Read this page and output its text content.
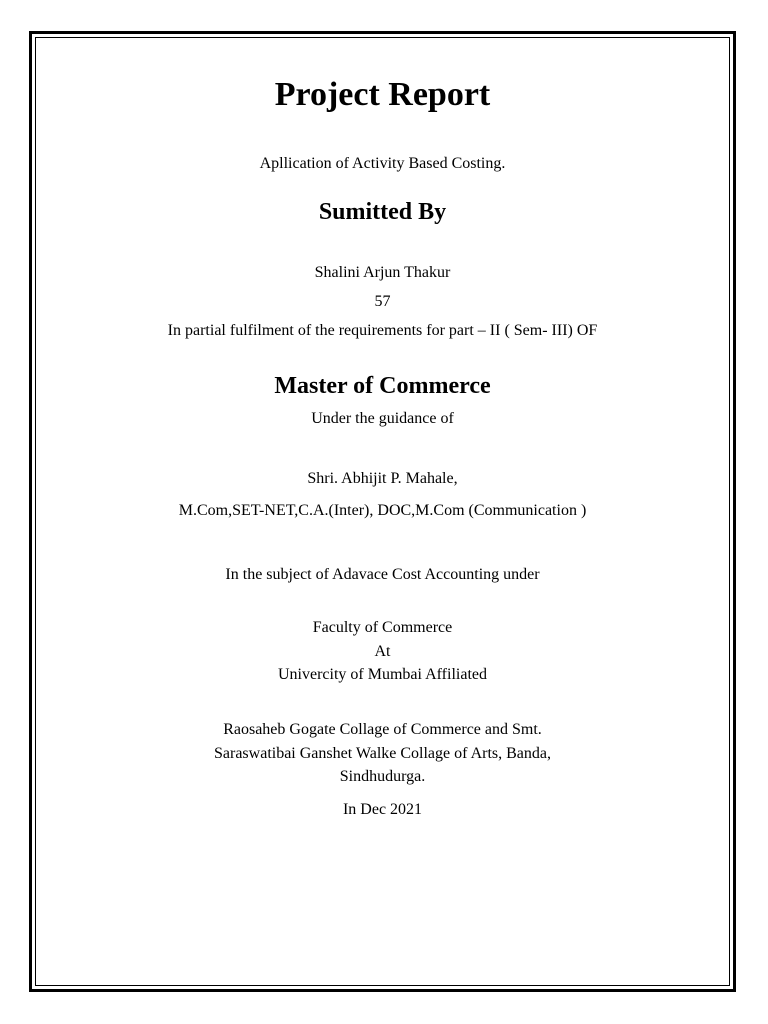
Project Report
Apllication of Activity Based Costing.
Sumitted By
Shalini Arjun Thakur
57
In partial fulfilment of the requirements for part – II ( Sem- III) OF
Master of Commerce
Under the guidance of
Shri. Abhijit P. Mahale,
M.Com,SET-NET,C.A.(Inter), DOC,M.Com (Communication )
In the subject of Adavace Cost Accounting under
Faculty of Commerce
At
Univercity of Mumbai Affiliated
Raosaheb Gogate Collage of Commerce and Smt.
Saraswatibai Ganshet Walke Collage of Arts, Banda,
Sindhudurga.
In Dec 2021
